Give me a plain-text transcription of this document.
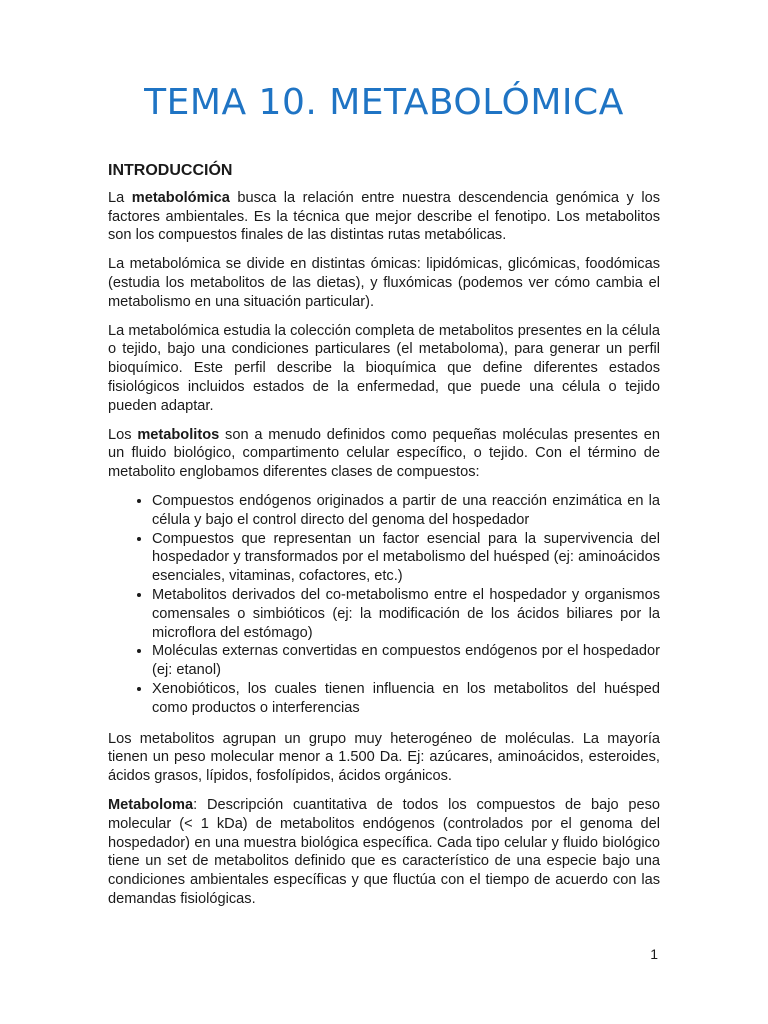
TEMA 10. METABOLÓMICA
INTRODUCCIÓN

La metabolómica busca la relación entre nuestra descendencia genómica y los factores ambientales. Es la técnica que mejor describe el fenotipo. Los metabolitos son los compuestos finales de las distintas rutas metabólicas.

La metabolómica se divide en distintas ómicas: lipidómicas, glicómicas, foodómicas (estudia los metabolitos de las dietas), y fluxómicas (podemos ver cómo cambia el metabolismo en una situación particular).

La metabolómica estudia la colección completa de metabolitos presentes en la célula o tejido, bajo una condiciones particulares (el metaboloma), para generar un perfil bioquímico. Este perfil describe la bioquímica que define diferentes estados fisiológicos incluidos estados de la enfermedad, que puede una célula o tejido pueden adaptar.

Los metabolitos son a menudo definidos como pequeñas moléculas presentes en un fluido biológico, compartimento celular específico, o tejido. Con el término de metabolito englobamos diferentes clases de compuestos:

• Compuestos endógenos originados a partir de una reacción enzimática en la célula y bajo el control directo del genoma del hospedador
• Compuestos que representan un factor esencial para la supervivencia del hospedador y transformados por el metabolismo del huésped (ej: aminoácidos esenciales, vitaminas, cofactores, etc.)
• Metabolitos derivados del co-metabolismo entre el hospedador y organismos comensales o simbióticos (ej: la modificación de los ácidos biliares por la microflora del estómago)
• Moléculas externas convertidas en compuestos endógenos por el hospedador (ej: etanol)
• Xenobióticos, los cuales tienen influencia en los metabolitos del huésped como productos o interferencias

Los metabolitos agrupan un grupo muy heterogéneo de moléculas. La mayoría tienen un peso molecular menor a 1.500 Da. Ej: azúcares, aminoácidos, esteroides, ácidos grasos, lípidos, fosfolípidos, ácidos orgánicos.

Metaboloma: Descripción cuantitativa de todos los compuestos de bajo peso molecular (< 1 kDa) de metabolitos endógenos (controlados por el genoma del hospedador) en una muestra biológica específica. Cada tipo celular y fluido biológico tiene un set de metabolitos definido que es característico de una especie bajo una condiciones ambientales específicas y que fluctúa con el tiempo de acuerdo con las demandas fisiológicas.

1
